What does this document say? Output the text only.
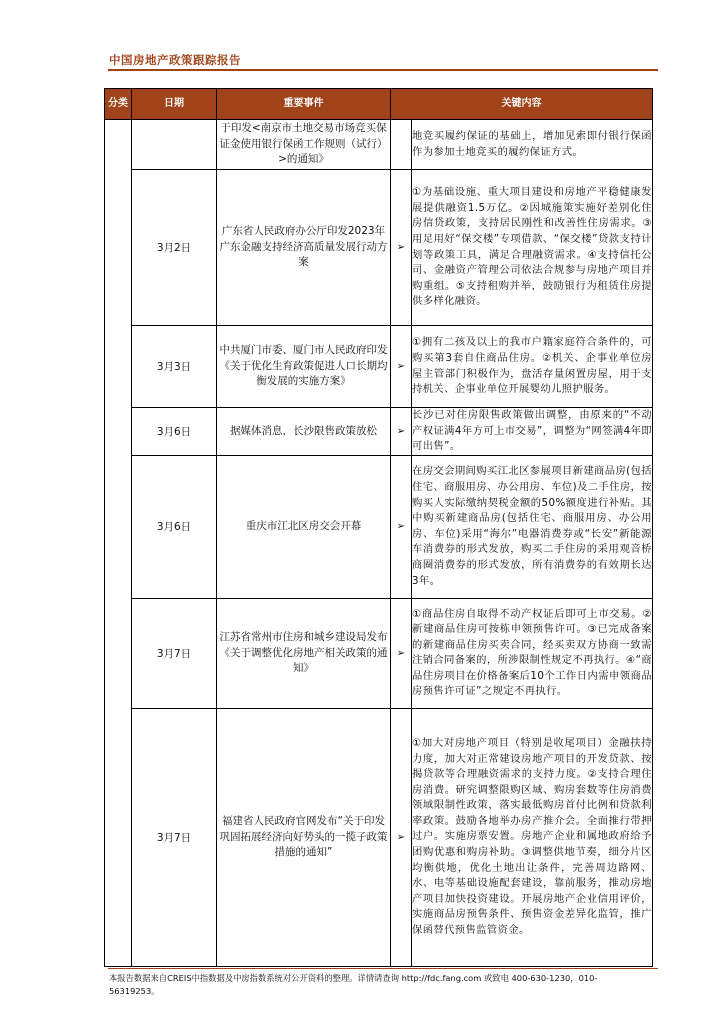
中国房地产政策跟踪报告
分类	日期	重要事件	关键内容	
		于印发<南京市土地交易市场竞买保证金使用银行保函工作规则（试行）>的通知》		地竞买履约保证的基础上，增加见索即付银行保函作为参加土地竞买的履约保证方式。
	3月2日	广东省人民政府办公厅印发2023年广东金融支持经济高质量发展行动方案	➢	①为基础设施、重大项目建设和房地产平稳健康发展提供融资1.5万亿。②因城施策实施好差别化住房信贷政策，支持居民刚性和改善性住房需求。③用足用好“保交楼”专项借款、“保交楼”贷款支持计划等政策工具，满足合理融资需求。④支持信托公司、金融资产管理公司依法合规参与房地产项目并购重组。⑤支持租购并举，鼓励银行为租赁住房提供多样化融资。
	3月3日	中共厦门市委、厦门市人民政府印发《关于优化生育政策促进人口长期均衡发展的实施方案》	➢	①拥有二孩及以上的我市户籍家庭符合条件的，可购买第3套自住商品住房。②机关、企事业单位房屋主管部门积极作为，盘活存量闲置房屋，用于支持机关、企事业单位开展婴幼儿照护服务。
	3月6日	据媒体消息，长沙限售政策放松	➢	长沙已对住房限售政策做出调整，由原来的“不动产权证满4年方可上市交易”，调整为“网签满4年即可出售”。
	3月6日	重庆市江北区房交会开幕	➢	在房交会期间购买江北区参展项目新建商品房(包括住宅、商服用房、办公用房、车位)及二手住房，按购买人实际缴纳契税金额的50%额度进行补贴。其中购买新建商品房(包括住宅、商服用房、办公用房、车位)采用“海尔”电器消费券或“长安”新能源车消费券的形式发放，购买二手住房的采用观音桥商圈消费券的形式发放，所有消费券的有效期长达3年。
	3月7日	江苏省常州市住房和城乡建设局发布《关于调整优化房地产相关政策的通知》	➢	①商品住房自取得不动产权证后即可上市交易。②新建商品住房可按栋申领预售许可。③已完成备案的新建商品住房买卖合同，经买卖双方协商一致需注销合同备案的，所涉限制性规定不再执行。④“商品住房项目在价格备案后10个工作日内需申领商品房预售许可证”之规定不再执行。
	3月7日	福建省人民政府官网发布“关于印发巩固拓展经济向好势头的一揽子政策措施的通知”	➢	①加大对房地产项目（特别是收尾项目）金融扶持力度，加大对正常建设房地产项目的开发贷款、按揭贷款等合理融资需求的支持力度。②支持合理住房消费。研究调整限购区域、购房套数等住房消费领域限制性政策，落实最低购房首付比例和贷款利率政策。鼓励各地举办房产推介会。全面推行带押过户。实施房票安置。房地产企业和属地政府给予团购优惠和购房补助。③调整供地节奏，细分片区均衡供地，优化土地出让条件，完善周边路网、水、电等基础设施配套建设，靠前服务，推动房地产项目加快投资建设。开展房地产企业信用评价，实施商品房预售条件、预售资金差异化监管，推广保函替代预售监管资金。
本报告数据来自CREIS中指数据及中房指数系统对公开资料的整理。详情请查询 http://fdc.fang.com 或致电 400-630-1230，010-56319253。
